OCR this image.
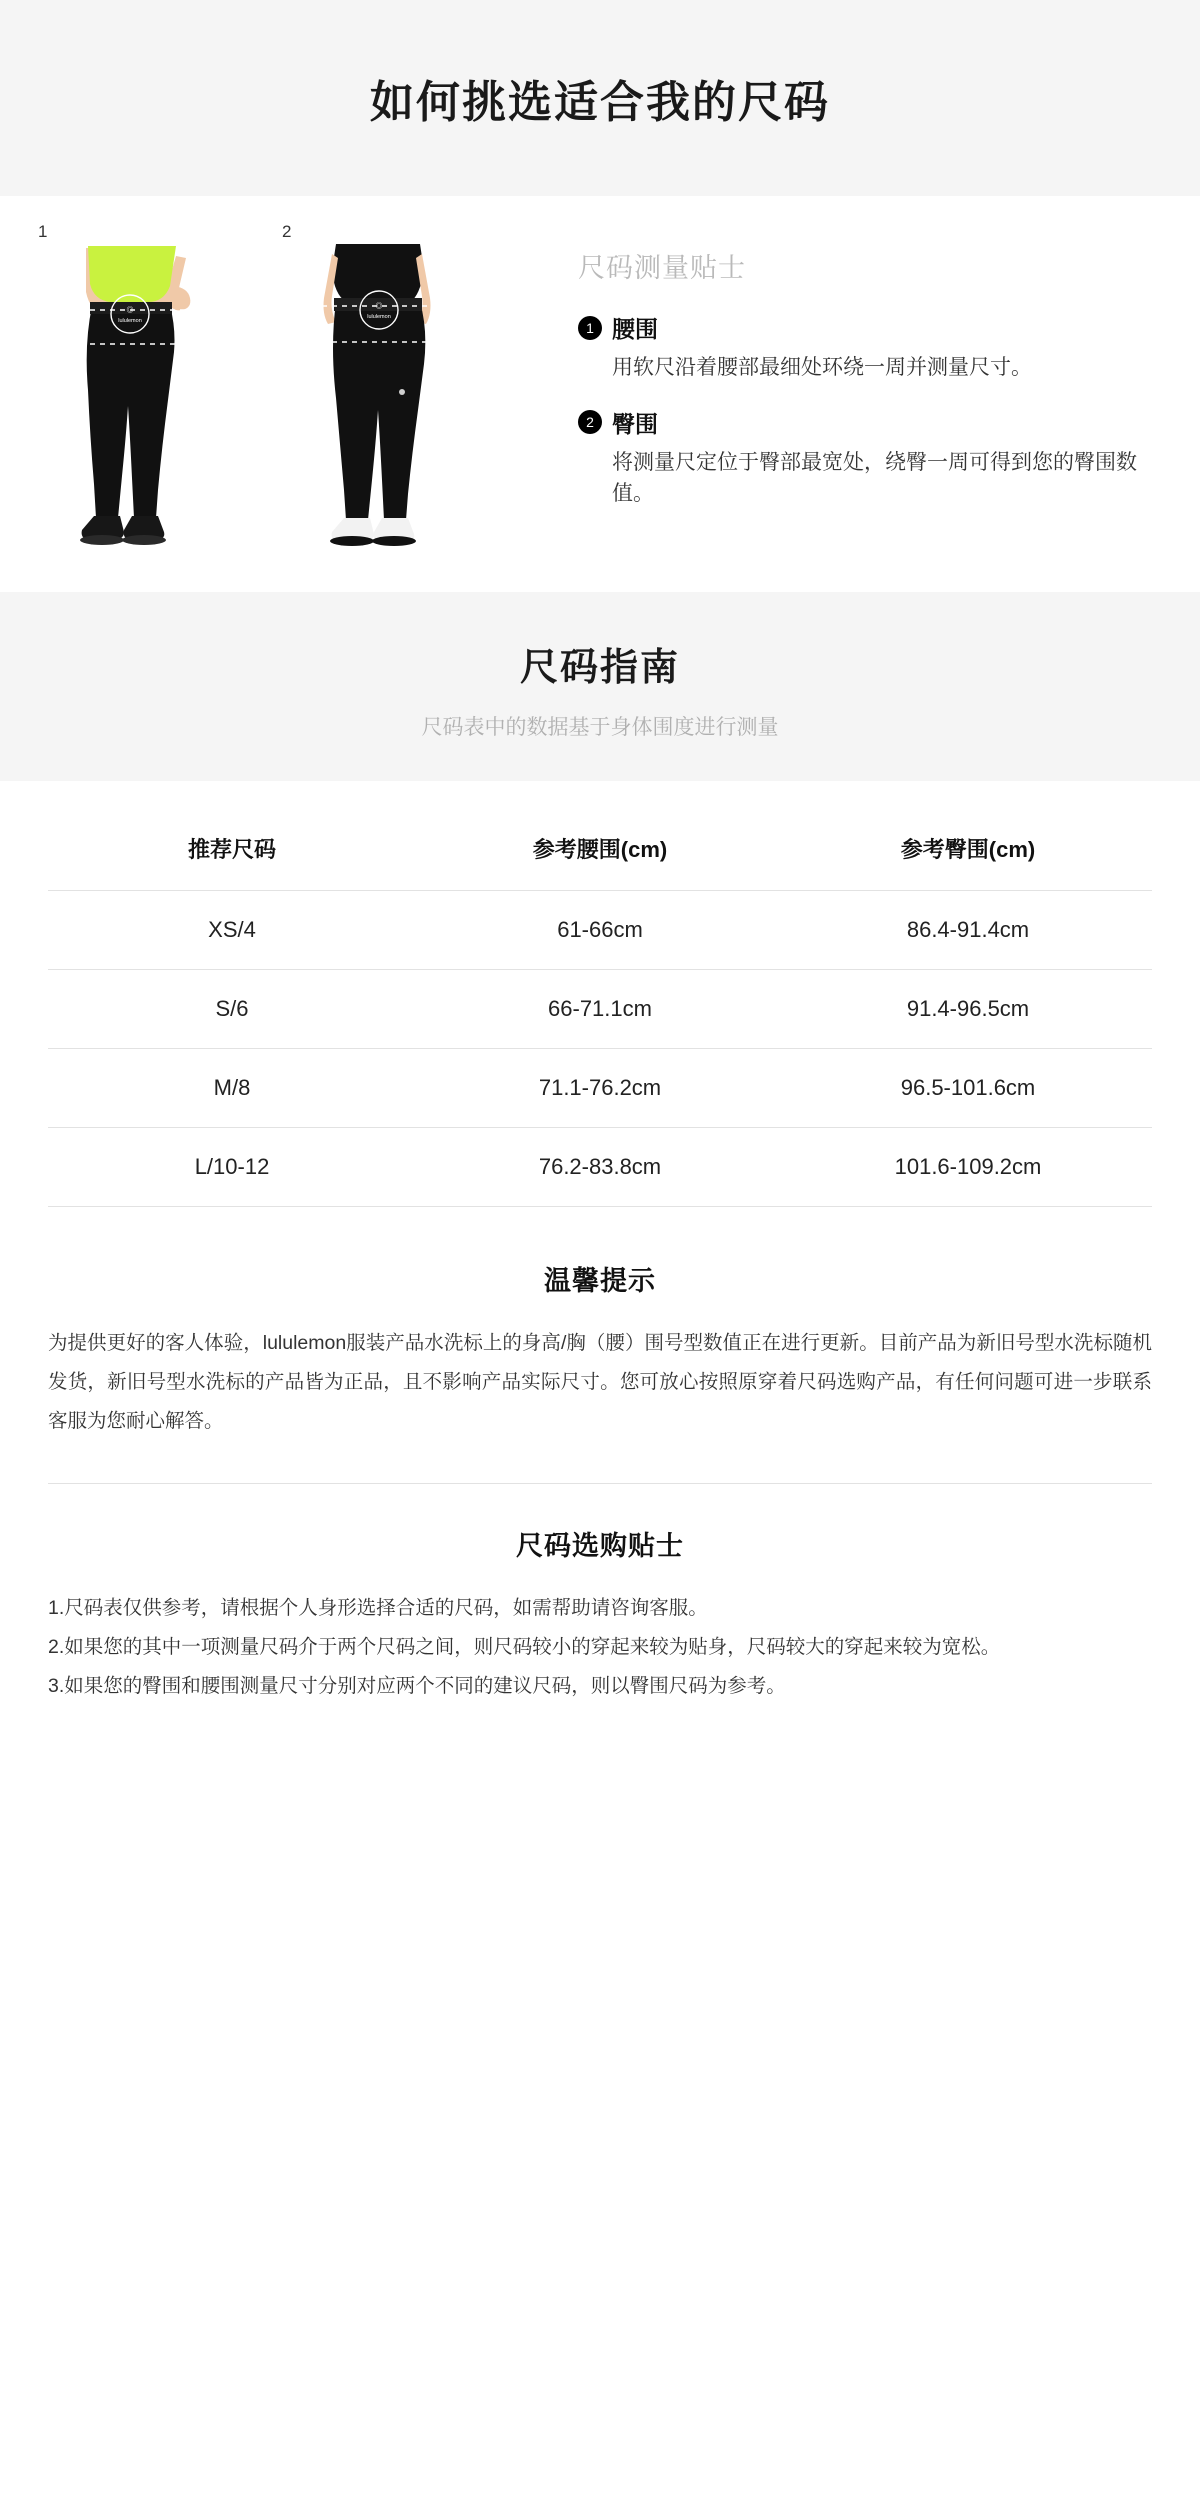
如何挑选适合我的尺码
1
◎
lululemon
2
◎
lululemon
尺码测量贴士
1 腰围
用软尺沿着腰部最细处环绕一周并测量尺寸。
2 臀围
将测量尺定位于臀部最宽处，绕臀一周可得到您的臀围数值。
尺码指南
尺码表中的数据基于身体围度进行测量
推荐尺码	参考腰围(cm)	参考臀围(cm)
XS/4	61-66cm	86.4-91.4cm
S/6	66-71.1cm	91.4-96.5cm
M/8	71.1-76.2cm	96.5-101.6cm
L/10-12	76.2-83.8cm	101.6-109.2cm
温馨提示
为提供更好的客人体验，lululemon服装产品水洗标上的身高/胸（腰）围号型数值正在进行更新。目前产品为新旧号型水洗标随机发货，新旧号型水洗标的产品皆为正品，且不影响产品实际尺寸。您可放心按照原穿着尺码选购产品，有任何问题可进一步联系客服为您耐心解答。
尺码选购贴士

1.尺码表仅供参考，请根据个人身形选择合适的尺码，如需帮助请咨询客服。

2.如果您的其中一项测量尺码介于两个尺码之间，则尺码较小的穿起来较为贴身，尺码较大的穿起来较为宽松。

3.如果您的臀围和腰围测量尺寸分别对应两个不同的建议尺码，则以臀围尺码为参考。
